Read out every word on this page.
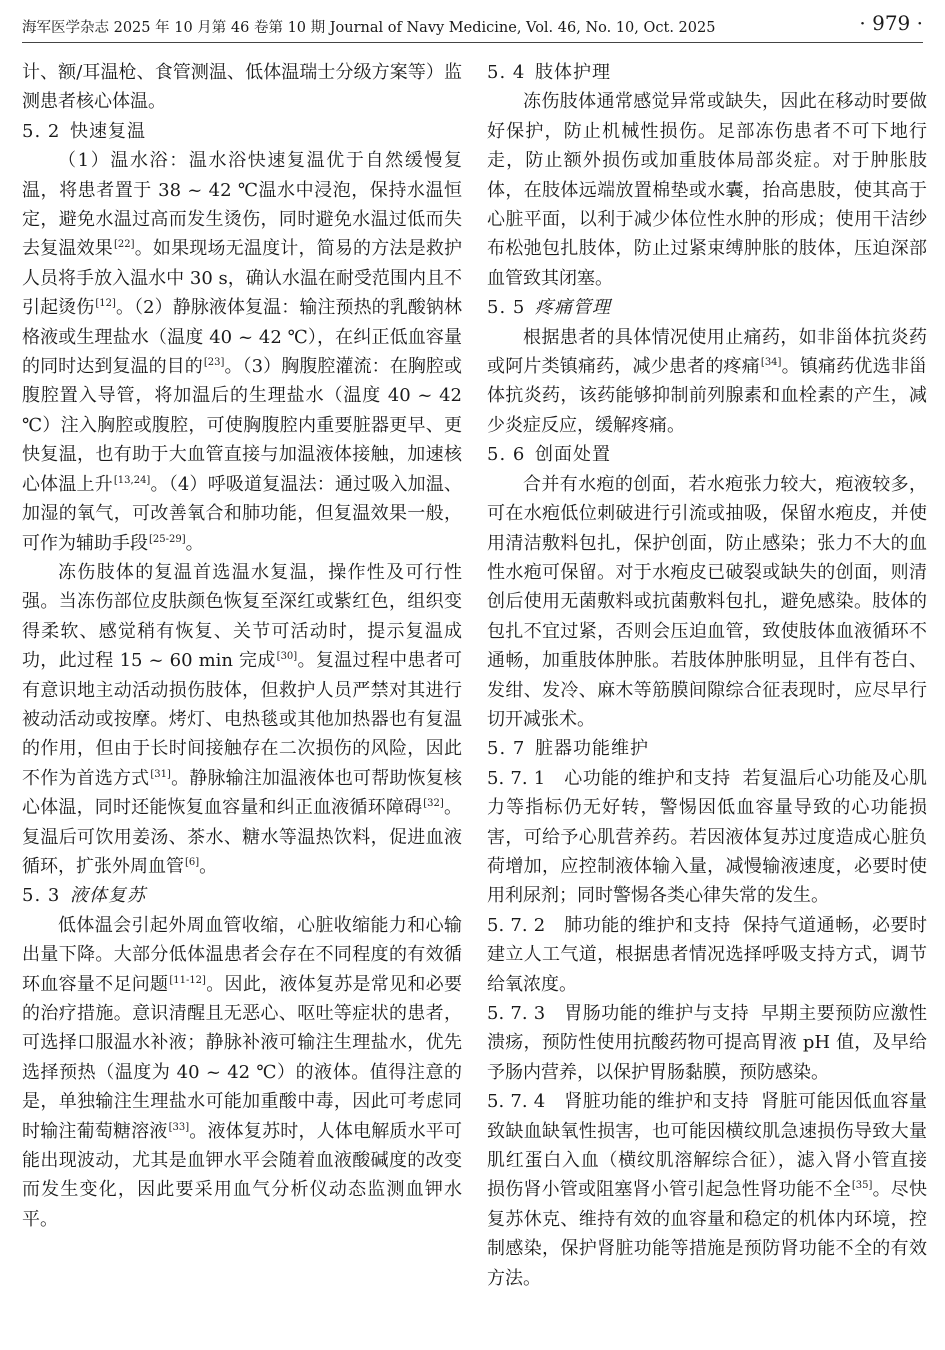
海军医学杂志 2025 年 10 月第 46 卷第 10 期 Journal of Navy Medicine, Vol. 46, No. 10, Oct. 2025	· 979 ·

计、额/耳温枪、食管测温、低体温瑞士分级方案等）监测患者核心体温。

5. 2 快速复温

（1）温水浴：温水浴快速复温优于自然缓慢复温，将患者置于 38 ~ 42 ℃温水中浸泡，保持水温恒定，避免水温过高而发生烫伤，同时避免水温过低而失去复温效果[22]。如果现场无温度计，简易的方法是救护人员将手放入温水中 30 s，确认水温在耐受范围内且不引起烫伤[12]。（2）静脉液体复温：输注预热的乳酸钠林格液或生理盐水（温度 40 ~ 42 ℃），在纠正低血容量的同时达到复温的目的[23]。（3）胸腹腔灌流：在胸腔或腹腔置入导管，将加温后的生理盐水（温度 40 ~ 42 ℃）注入胸腔或腹腔，可使胸腹腔内重要脏器更早、更快复温，也有助于大血管直接与加温液体接触，加速核心体温上升[13,24]。（4）呼吸道复温法：通过吸入加温、加湿的氧气，可改善氧合和肺功能，但复温效果一般，可作为辅助手段[25-29]。

冻伤肢体的复温首选温水复温，操作性及可行性强。当冻伤部位皮肤颜色恢复至深红或紫红色，组织变得柔软、感觉稍有恢复、关节可活动时，提示复温成功，此过程 15 ~ 60 min 完成[30]。复温过程中患者可有意识地主动活动损伤肢体，但救护人员严禁对其进行被动活动或按摩。烤灯、电热毯或其他加热器也有复温的作用，但由于长时间接触存在二次损伤的风险，因此不作为首选方式[31]。静脉输注加温液体也可帮助恢复核心体温，同时还能恢复血容量和纠正血液循环障碍[32]。复温后可饮用姜汤、茶水、糖水等温热饮料，促进血液循环，扩张外周血管[6]。

5. 3 液体复苏

低体温会引起外周血管收缩，心脏收缩能力和心输出量下降。大部分低体温患者会存在不同程度的有效循环血容量不足问题[11-12]。因此，液体复苏是常见和必要的治疗措施。意识清醒且无恶心、呕吐等症状的患者，可选择口服温水补液；静脉补液可输注生理盐水，优先选择预热（温度为 40 ~ 42 ℃）的液体。值得注意的是，单独输注生理盐水可能加重酸中毒，因此可考虑同时输注葡萄糖溶液[33]。液体复苏时，人体电解质水平可能出现波动，尤其是血钾水平会随着血液酸碱度的改变而发生变化，因此要采用血气分析仪动态监测血钾水平。

5. 4 肢体护理

冻伤肢体通常感觉异常或缺失，因此在移动时要做好保护，防止机械性损伤。足部冻伤患者不可下地行走，防止额外损伤或加重肢体局部炎症。对于肿胀肢体，在肢体远端放置棉垫或水囊，抬高患肢，使其高于心脏平面，以利于减少体位性水肿的形成；使用干洁纱布松弛包扎肢体，防止过紧束缚肿胀的肢体，压迫深部血管致其闭塞。

5. 5 疼痛管理

根据患者的具体情况使用止痛药，如非甾体抗炎药或阿片类镇痛药，减少患者的疼痛[34]。镇痛药优选非甾体抗炎药，该药能够抑制前列腺素和血栓素的产生，减少炎症反应，缓解疼痛。

5. 6 创面处置

合并有水疱的创面，若水疱张力较大，疱液较多，可在水疱低位刺破进行引流或抽吸，保留水疱皮，并使用清洁敷料包扎，保护创面，防止感染；张力不大的血性水疱可保留。对于水疱皮已破裂或缺失的创面，则清创后使用无菌敷料或抗菌敷料包扎，避免感染。肢体的包扎不宜过紧，否则会压迫血管，致使肢体血液循环不通畅，加重肢体肿胀。若肢体肿胀明显，且伴有苍白、发绀、发冷、麻木等筋膜间隙综合征表现时，应尽早行切开减张术。

5. 7 脏器功能维护

5. 7. 1　 心功能的维护和支持 若复温后心功能及心肌力等指标仍无好转，警惕因低血容量导致的心功能损害，可给予心肌营养药。若因液体复苏过度造成心脏负荷增加，应控制液体输入量，减慢输液速度，必要时使用利尿剂；同时警惕各类心律失常的发生。

5. 7. 2　 肺功能的维护和支持 保持气道通畅，必要时建立人工气道，根据患者情况选择呼吸支持方式，调节给氧浓度。

5. 7. 3　 胃肠功能的维护与支持 早期主要预防应激性溃疡，预防性使用抗酸药物可提高胃液 pH 值，及早给予肠内营养，以保护胃肠黏膜，预防感染。

5. 7. 4　 肾脏功能的维护和支持 肾脏可能因低血容量致缺血缺氧性损害，也可能因横纹肌急速损伤导致大量肌红蛋白入血（横纹肌溶解综合征），滤入肾小管直接损伤肾小管或阻塞肾小管引起急性肾功能不全[35]。尽快复苏休克、维持有效的血容量和稳定的机体内环境，控制感染，保护肾脏功能等措施是预防肾功能不全的有效方法。
